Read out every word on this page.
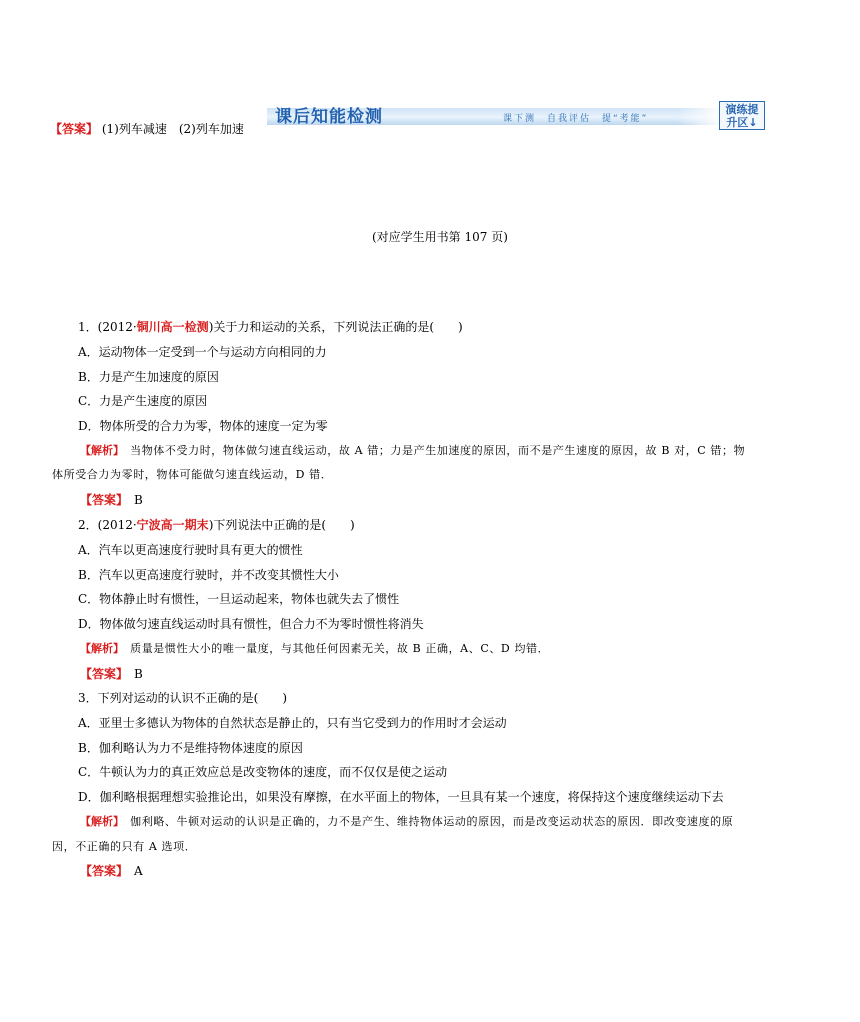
【答案】 (1)列车减速　(2)列车加速
课后知能检测	课下测　自我评估　提“考能”
演练提
升区↓
(对应学生用书第 107 页)
1．(2012·铜川高一检测)关于力和运动的关系，下列说法正确的是(　　)
A．运动物体一定受到一个与运动方向相同的力
B．力是产生加速度的原因
C．力是产生速度的原因
D．物体所受的合力为零，物体的速度一定为零
【解析】　当物体不受力时，物体做匀速直线运动，故 A 错；力是产生加速度的原因，而不是产生速度的原因，故 B 对，C 错；物
体所受合力为零时，物体可能做匀速直线运动，D 错．
【答案】　B
2．(2012·宁波高一期末)下列说法中正确的是(　　)
A．汽车以更高速度行驶时具有更大的惯性
B．汽车以更高速度行驶时，并不改变其惯性大小
C．物体静止时有惯性，一旦运动起来，物体也就失去了惯性
D．物体做匀速直线运动时具有惯性，但合力不为零时惯性将消失
【解析】　质量是惯性大小的唯一量度，与其他任何因素无关，故 B 正确，A、C、D 均错．
【答案】　B
3．下列对运动的认识不正确的是(　　)
A．亚里士多德认为物体的自然状态是静止的，只有当它受到力的作用时才会运动
B．伽利略认为力不是维持物体速度的原因
C．牛顿认为力的真正效应总是改变物体的速度，而不仅仅是使之运动
D．伽利略根据理想实验推论出，如果没有摩擦，在水平面上的物体，一旦具有某一个速度，将保持这个速度继续运动下去
【解析】　伽利略、牛顿对运动的认识是正确的，力不是产生、维持物体运动的原因，而是改变运动状态的原因．即改变速度的原
因，不正确的只有 A 选项．
【答案】　A
